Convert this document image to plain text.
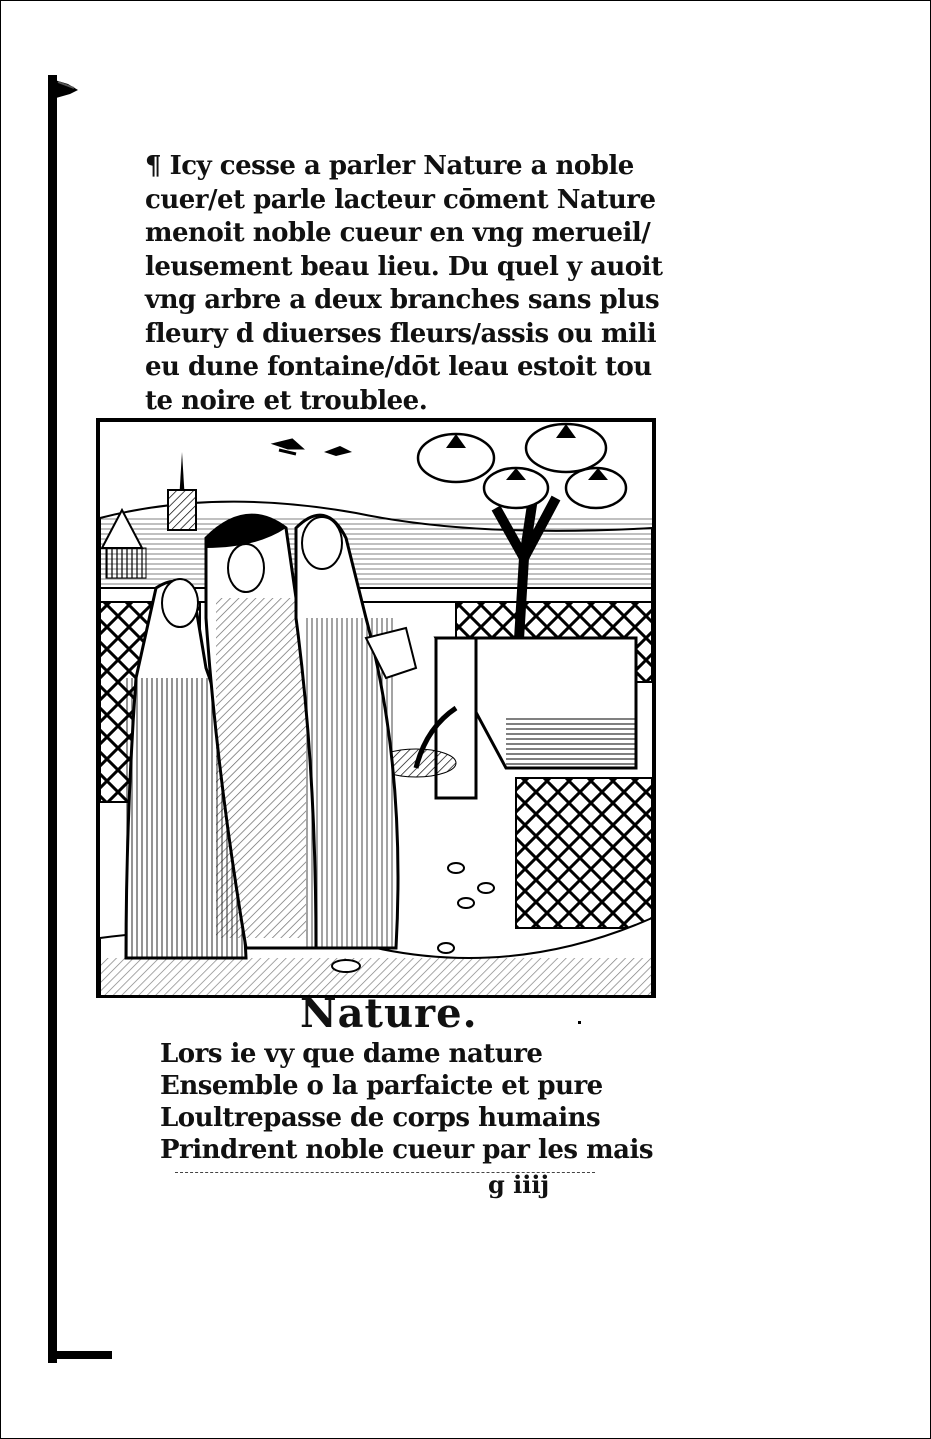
¶ Icy cesse a parler Nature a noble
cuer/et parle lacteur cōment Nature
menoit noble cueur en vng merueil/
leusement beau lieu. Du quel y auoit
vng arbre a deux branches sans plus
fleury d diuerses fleurs/assis ou mili
eu dune fontaine/dōt leau estoit tou
te noire et troublee.
Nature.
Lors ie vy que dame nature
Ensemble o la parfaicte et pure
Loultrepasse de corps humains
Prindrent noble cueur par les mais
g iiij
